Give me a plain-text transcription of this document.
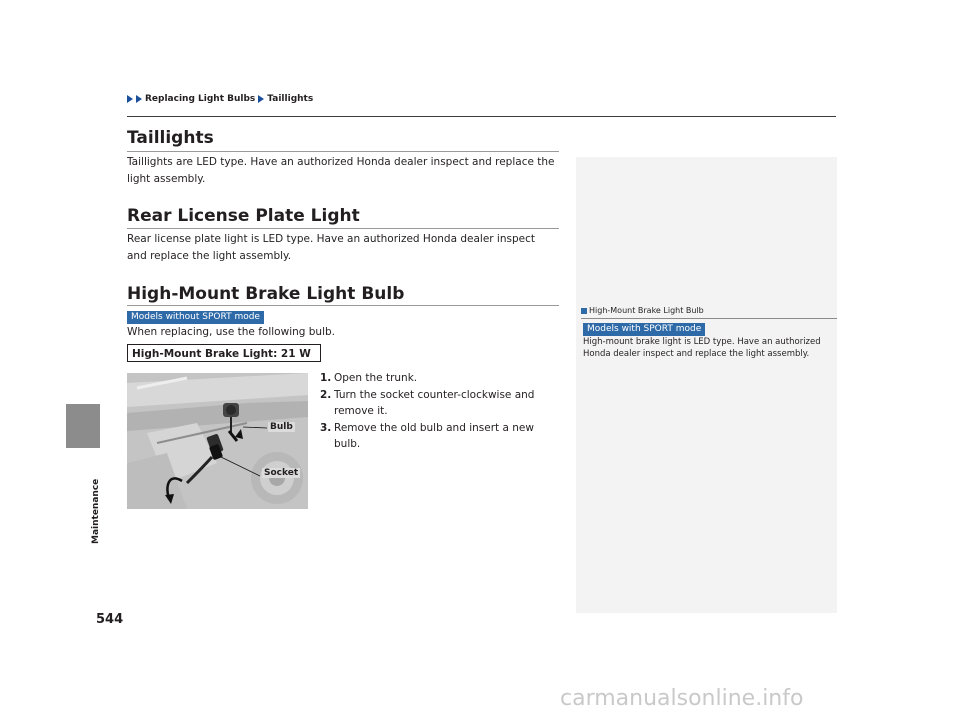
Replacing Light Bulbs Taillights
Maintenance
544
Taillights
Taillights are LED type. Have an authorized Honda dealer inspect and replace the light assembly.
Rear License Plate Light
Rear license plate light is LED type. Have an authorized Honda dealer inspect and replace the light assembly.
High-Mount Brake Light Bulb
Models without SPORT mode
When replacing, use the following bulb.
High-Mount Brake Light: 21 W
1. Open the trunk.
2. Turn the socket counter-clockwise and remove it.
3. Remove the old bulb and insert a new bulb.
Bulb
Socket
High-Mount Brake Light Bulb
Models with SPORT mode
High-mount brake light is LED type. Have an authorized Honda dealer inspect and replace the light assembly.
carmanualsonline.info
